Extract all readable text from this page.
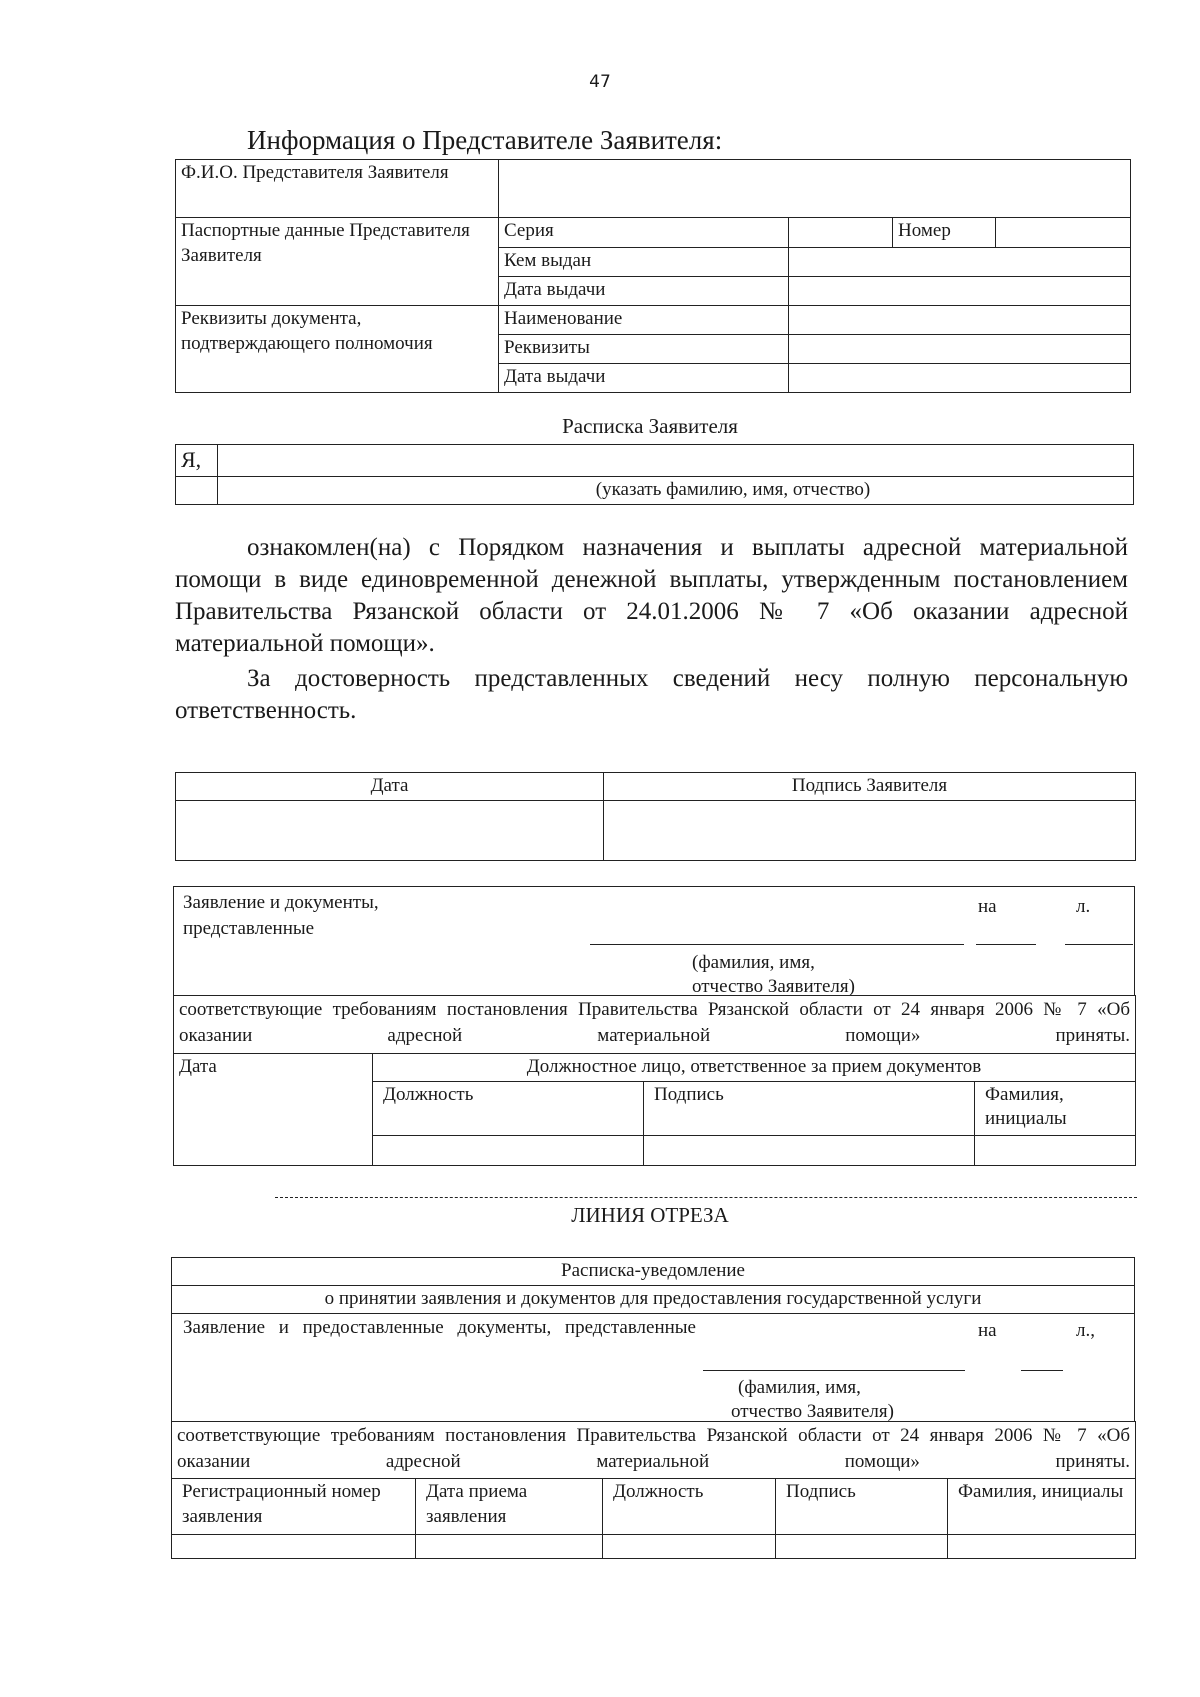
47
Информация о Представителе Заявителя:
Ф.И.О. Представителя Заявителя				
Паспортные данные Представителя Заявителя	Серия		Номер	
	Кем выдан			
	Дата выдачи			
Реквизиты документа, подтверждающего полномочия	Наименование			
	Реквизиты			
	Дата выдачи			
Расписка Заявителя
Я,	
	(указать фамилию, имя, отчество)
ознакомлен(на) с Порядком назначения и выплаты адресной материальной помощи в виде единовременной денежной выплаты, утвержденным постановлением Правительства Рязанской области от 24.01.2006 № 7 «Об оказании адресной материальной помощи».
За достоверность представленных сведений несу полную персональную ответственность.
Дата	Подпись Заявителя

Заявление и документы, представленные
на	л.
(фамилия, имя,
отчество Заявителя)
соответствующие требованиям постановления Правительства Рязанской области от 24 января 2006 № 7 «Об оказании адресной материальной помощи» приняты.			
Дата	Должностное лицо, ответственное за прием документов		
	Должность	Подпись	Фамилия, инициалы

ЛИНИЯ ОТРЕЗА
Расписка-уведомление
о принятии заявления и документов для предоставления государственной услуги
Заявление и предоставленные документы, представленные	на	л.,
(фамилия, имя,
отчество Заявителя)
соответствующие требованиям постановления Правительства Рязанской области от 24 января 2006 № 7 «Об оказании адресной материальной помощи» приняты.				
Регистрационный номер заявления	Дата приема заявления	Должность	Подпись	Фамилия, инициалы
